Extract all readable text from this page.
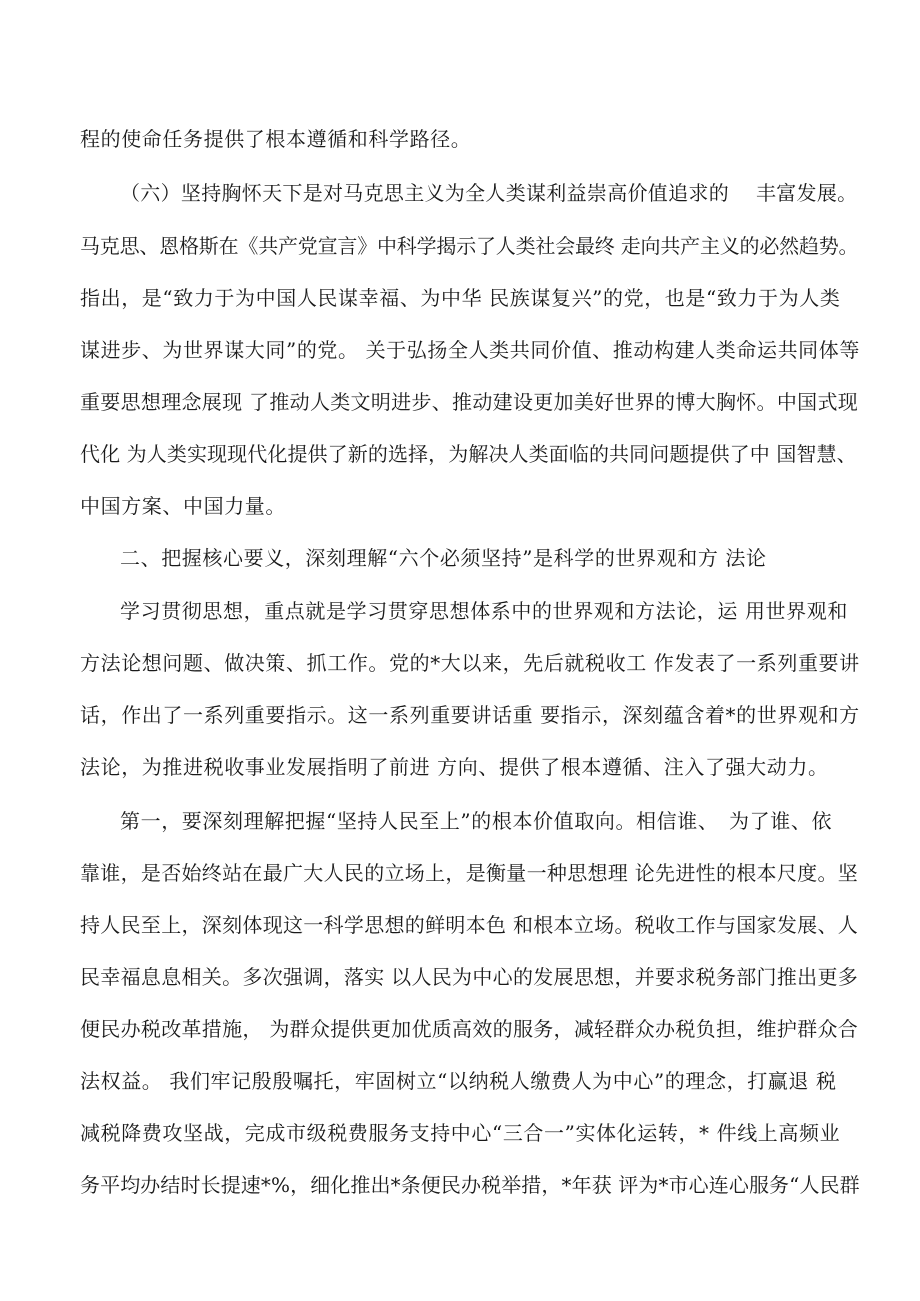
程的使命任务提供了根本遵循和科学路径。
（六）坚持胸怀天下是对马克思主义为全人类谋利益崇高价值追求的　 丰富发展。
马克思、恩格斯在《共产党宣言》中科学揭示了人类社会最终 走向共产主义的必然趋势。
指出，是“致力于为中国人民谋幸福、为中华 民族谋复兴”的党，也是“致力于为人类
谋进步、为世界谋大同”的党。 关于弘扬全人类共同价值、推动构建人类命运共同体等
重要思想理念展现 了推动人类文明进步、推动建设更加美好世界的博大胸怀。中国式现
代化 为人类实现现代化提供了新的选择，为解决人类面临的共同问题提供了中 国智慧、
中国方案、中国力量。
二、把握核心要义，深刻理解“六个必须坚持”是科学的世界观和方 法论
学习贯彻思想，重点就是学习贯穿思想体系中的世界观和方法论，运 用世界观和
方法论想问题、做决策、抓工作。党的*大以来，先后就税收工 作发表了一系列重要讲
话，作出了一系列重要指示。这一系列重要讲话重 要指示，深刻蕴含着*的世界观和方
法论，为推进税收事业发展指明了前进 方向、提供了根本遵循、注入了强大动力。
第一，要深刻理解把握“坚持人民至上”的根本价值取向。相信谁、　为了谁、依
靠谁，是否始终站在最广大人民的立场上，是衡量一种思想理 论先进性的根本尺度。坚
持人民至上，深刻体现这一科学思想的鲜明本色 和根本立场。税收工作与国家发展、人
民幸福息息相关。多次强调，落实 以人民为中心的发展思想，并要求税务部门推出更多
便民办税改革措施， 为群众提供更加优质高效的服务，减轻群众办税负担，维护群众合
法权益。 我们牢记殷殷嘱托，牢固树立“以纳税人缴费人为中心”的理念，打赢退 税
减税降费攻坚战，完成市级税费服务支持中心“三合一”实体化运转，* 件线上高频业
务平均办结时长提速*%，细化推出*条便民办税举措，*年获 评为*市心连心服务“人民群
